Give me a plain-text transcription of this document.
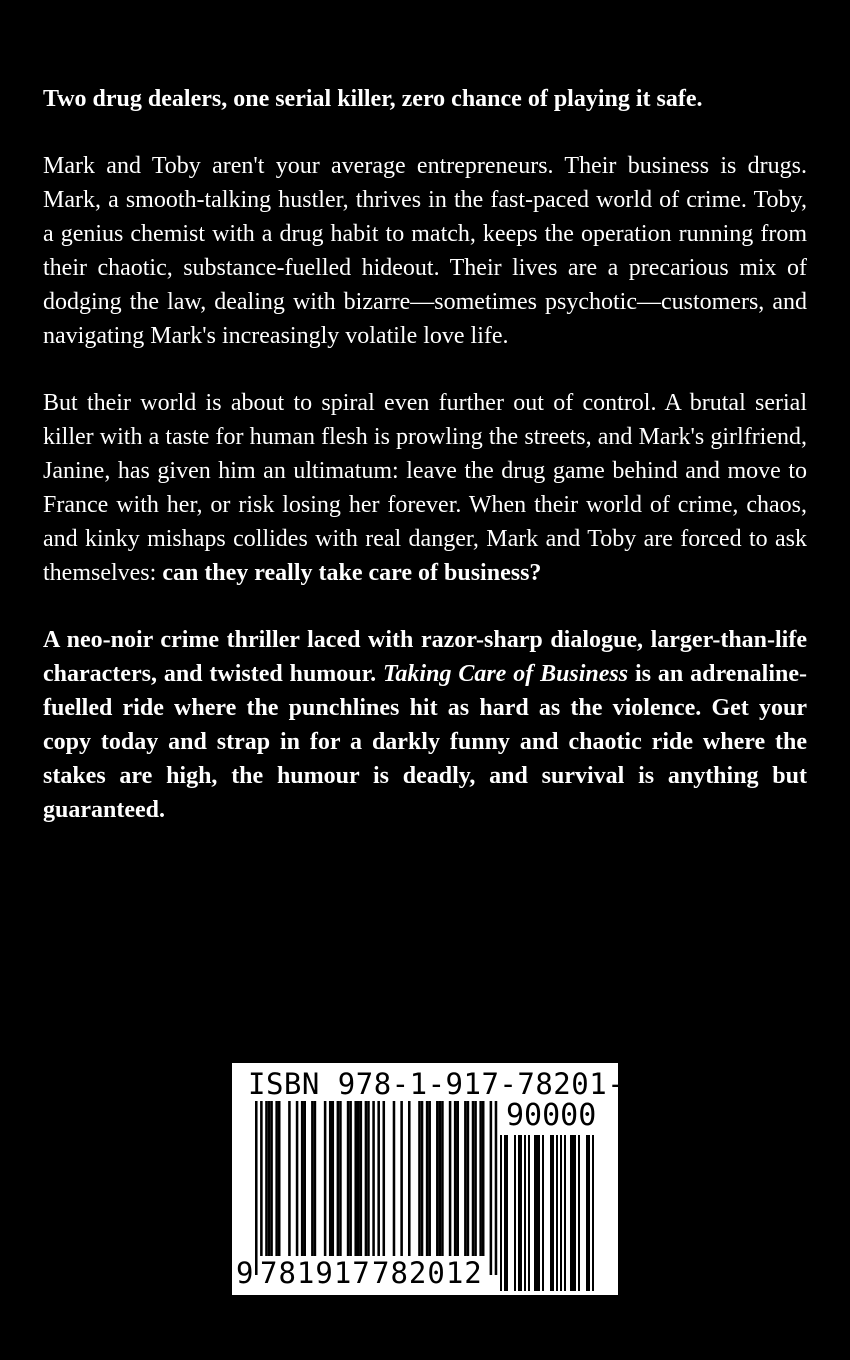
Two drug dealers, one serial killer, zero chance of playing it safe.

Mark and Toby aren't your average entrepreneurs. Their business is drugs. Mark, a smooth-talking hustler, thrives in the fast-paced world of crime. Toby, a genius chemist with a drug habit to match, keeps the operation running from their chaotic, substance-fuelled hideout. Their lives are a precarious mix of dodging the law, dealing with bizarre—sometimes psychotic—customers, and navigating Mark's increasingly volatile love life.

But their world is about to spiral even further out of control. A brutal serial killer with a taste for human flesh is prowling the streets, and Mark's girlfriend, Janine, has given him an ultimatum: leave the drug game behind and move to France with her, or risk losing her forever. When their world of crime, chaos, and kinky mishaps collides with real danger, Mark and Toby are forced to ask themselves: can they really take care of business?

A neo-noir crime thriller laced with razor-sharp dialogue, larger-than-life characters, and twisted humour. Taking Care of Business is an adrenaline-fuelled ride where the punchlines hit as hard as the violence. Get your copy today and strap in for a darkly funny and chaotic ride where the stakes are high, the humour is deadly, and survival is anything but guaranteed.

ISBN 978-1-917-78201-2
90000
9 781917 782012
